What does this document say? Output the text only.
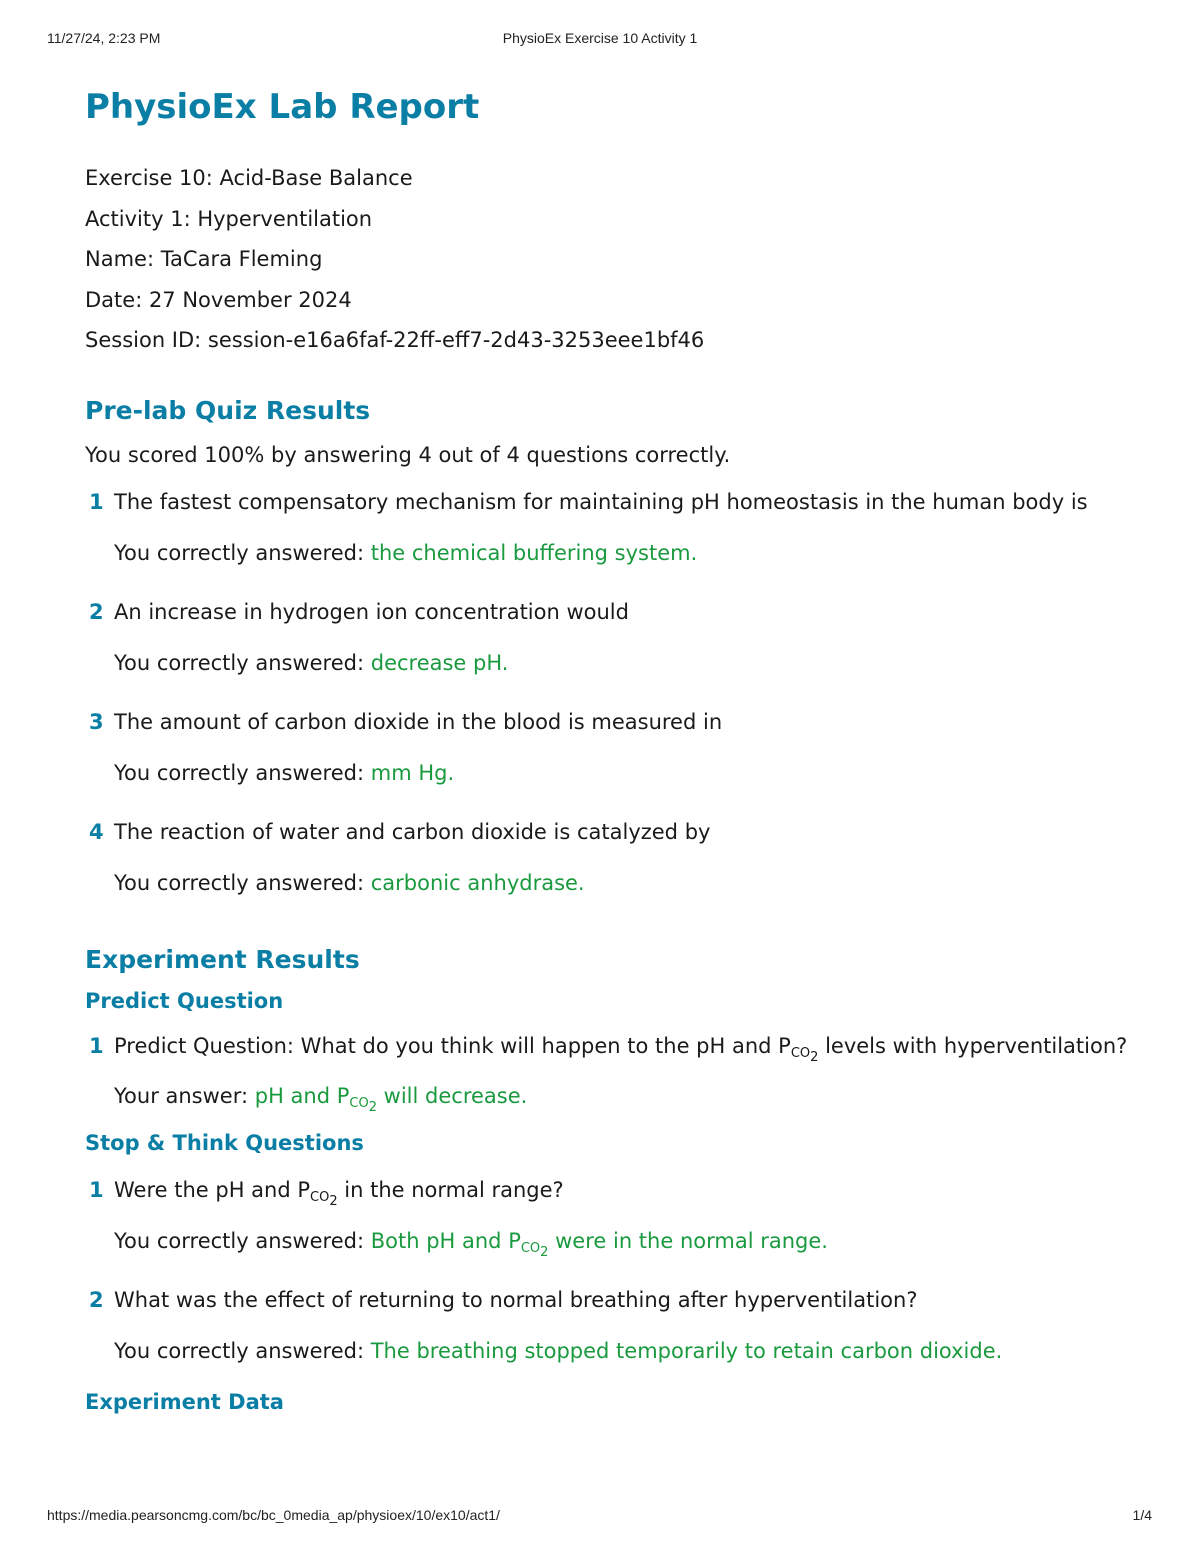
11/27/24, 2:23 PM	PhysioEx Exercise 10 Activity 1
PhysioEx Lab Report
Exercise 10: Acid-Base Balance
Activity 1: Hyperventilation
Name: TaCara Fleming
Date: 27 November 2024
Session ID: session-e16a6faf-22ff-eff7-2d43-3253eee1bf46
Pre-lab Quiz Results
You scored 100% by answering 4 out of 4 questions correctly.
1 The fastest compensatory mechanism for maintaining pH homeostasis in the human body is
You correctly answered: the chemical buffering system.
2 An increase in hydrogen ion concentration would
You correctly answered: decrease pH.
3 The amount of carbon dioxide in the blood is measured in
You correctly answered: mm Hg.
4 The reaction of water and carbon dioxide is catalyzed by
You correctly answered: carbonic anhydrase.
Experiment Results
Predict Question
1 Predict Question: What do you think will happen to the pH and $P_{CO_2}$ levels with hyperventilation?
Your answer: pH and $P_{CO_2}$ will decrease.
Stop & Think Questions
1 Were the pH and $P_{CO_2}$ in the normal range?
You correctly answered: Both pH and $P_{CO_2}$ were in the normal range.
2 What was the effect of returning to normal breathing after hyperventilation?
You correctly answered: The breathing stopped temporarily to retain carbon dioxide.
Experiment Data
https://media.pearsoncmg.com/bc/bc_0media_ap/physioex/10/ex10/act1/	1/4
